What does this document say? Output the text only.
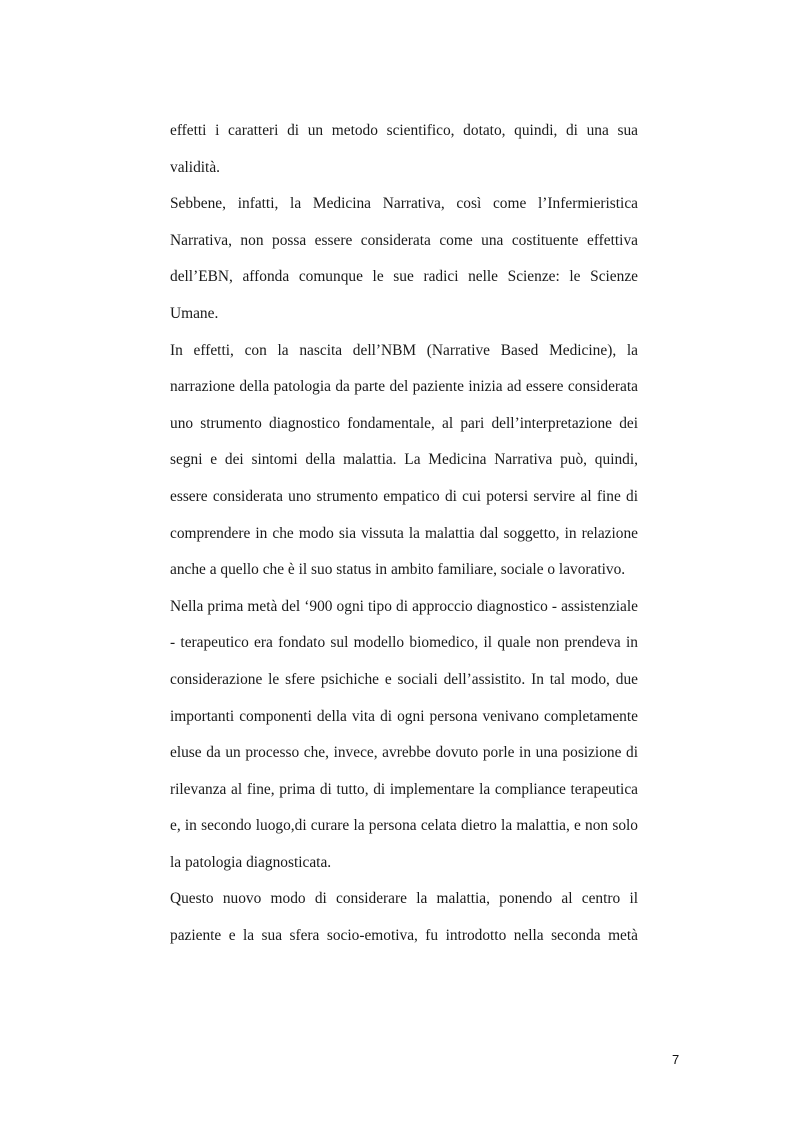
effetti i caratteri di un metodo scientifico, dotato, quindi, di una sua validità.

Sebbene, infatti, la Medicina Narrativa, così come l’Infermieristica Narrativa, non possa essere considerata come una costituente effettiva dell’EBN, affonda comunque le sue radici nelle Scienze: le Scienze Umane.

In effetti, con la nascita dell’NBM (Narrative Based Medicine), la narrazione della patologia da parte del paziente inizia ad essere considerata uno strumento diagnostico fondamentale, al pari dell’interpretazione dei segni e dei sintomi della malattia. La Medicina Narrativa può, quindi, essere considerata uno strumento empatico di cui potersi servire al fine di comprendere in che modo sia vissuta la malattia dal soggetto, in relazione anche a quello che è il suo status in ambito familiare, sociale o lavorativo.

Nella prima metà del ‘900 ogni tipo di approccio diagnostico - assistenziale - terapeutico era fondato sul modello biomedico, il quale non prendeva in considerazione le sfere psichiche e sociali dell’assistito. In tal modo, due importanti componenti della vita di ogni persona venivano completamente eluse da un processo che, invece, avrebbe dovuto porle in una posizione di rilevanza al fine, prima di tutto, di implementare la compliance terapeutica e, in secondo luogo,di curare la persona celata dietro la malattia, e non solo la patologia diagnosticata.

Questo nuovo modo di considerare la malattia, ponendo al centro il paziente e la sua sfera socio-emotiva, fu introdotto nella seconda metà

7
